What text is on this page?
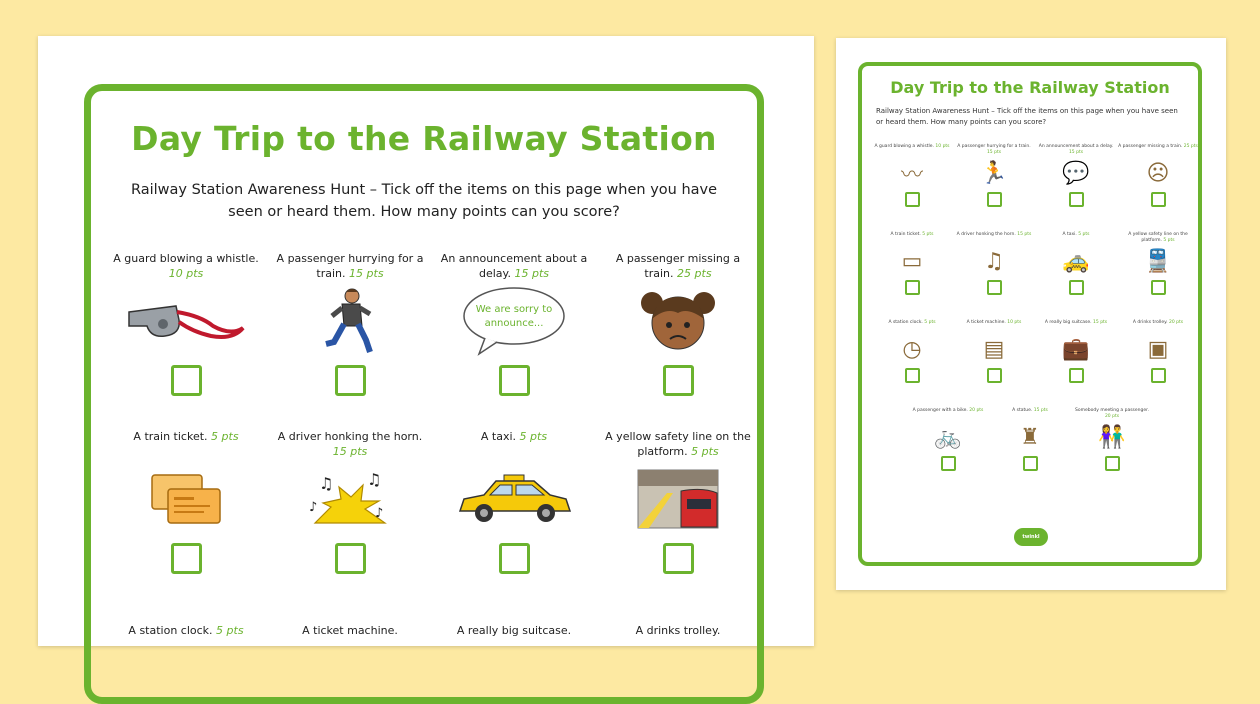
Day Trip to the Railway Station
Railway Station Awareness Hunt – Tick off the items on this page when you have seen or heard them. How many points can you score?
A guard blowing a whistle. 10 pts
A passenger hurrying for a train. 15 pts
An announcement about a delay. 15 pts
We are sorry to announce...
A passenger missing a train. 25 pts
A train ticket. 5 pts	A driver honking the horn. 15 pts
♫ ♫
♪	♪
A taxi. 5 pts	A yellow safety line on the platform. 5 pts
A station clock. 5 pts	A ticket machine.	A really big suitcase.	A drinks trolley.
Day Trip to the Railway Station
Railway Station Awareness Hunt – Tick off the items on this page when you have seen or heard them. How many points can you score?
A guard blowing a whistle. 10 pts
〰
A passenger hurrying for a train. 15 pts
🏃
An announcement about a delay. 15 pts
💬
A passenger missing a train. 25 pts
☹
A train ticket. 5 pts
▭
A driver honking the horn. 15 pts
♫
A taxi. 5 pts
🚕
A yellow safety line on the platform. 5 pts
🚆
A station clock. 5 pts
◷
A ticket machine. 10 pts
▤
A really big suitcase. 15 pts
💼
A drinks trolley. 20 pts
▣
A passenger with a bike. 20 pts
🚲
A statue. 15 pts
♜
Somebody meeting a passenger. 20 pts
👫
twinkl
